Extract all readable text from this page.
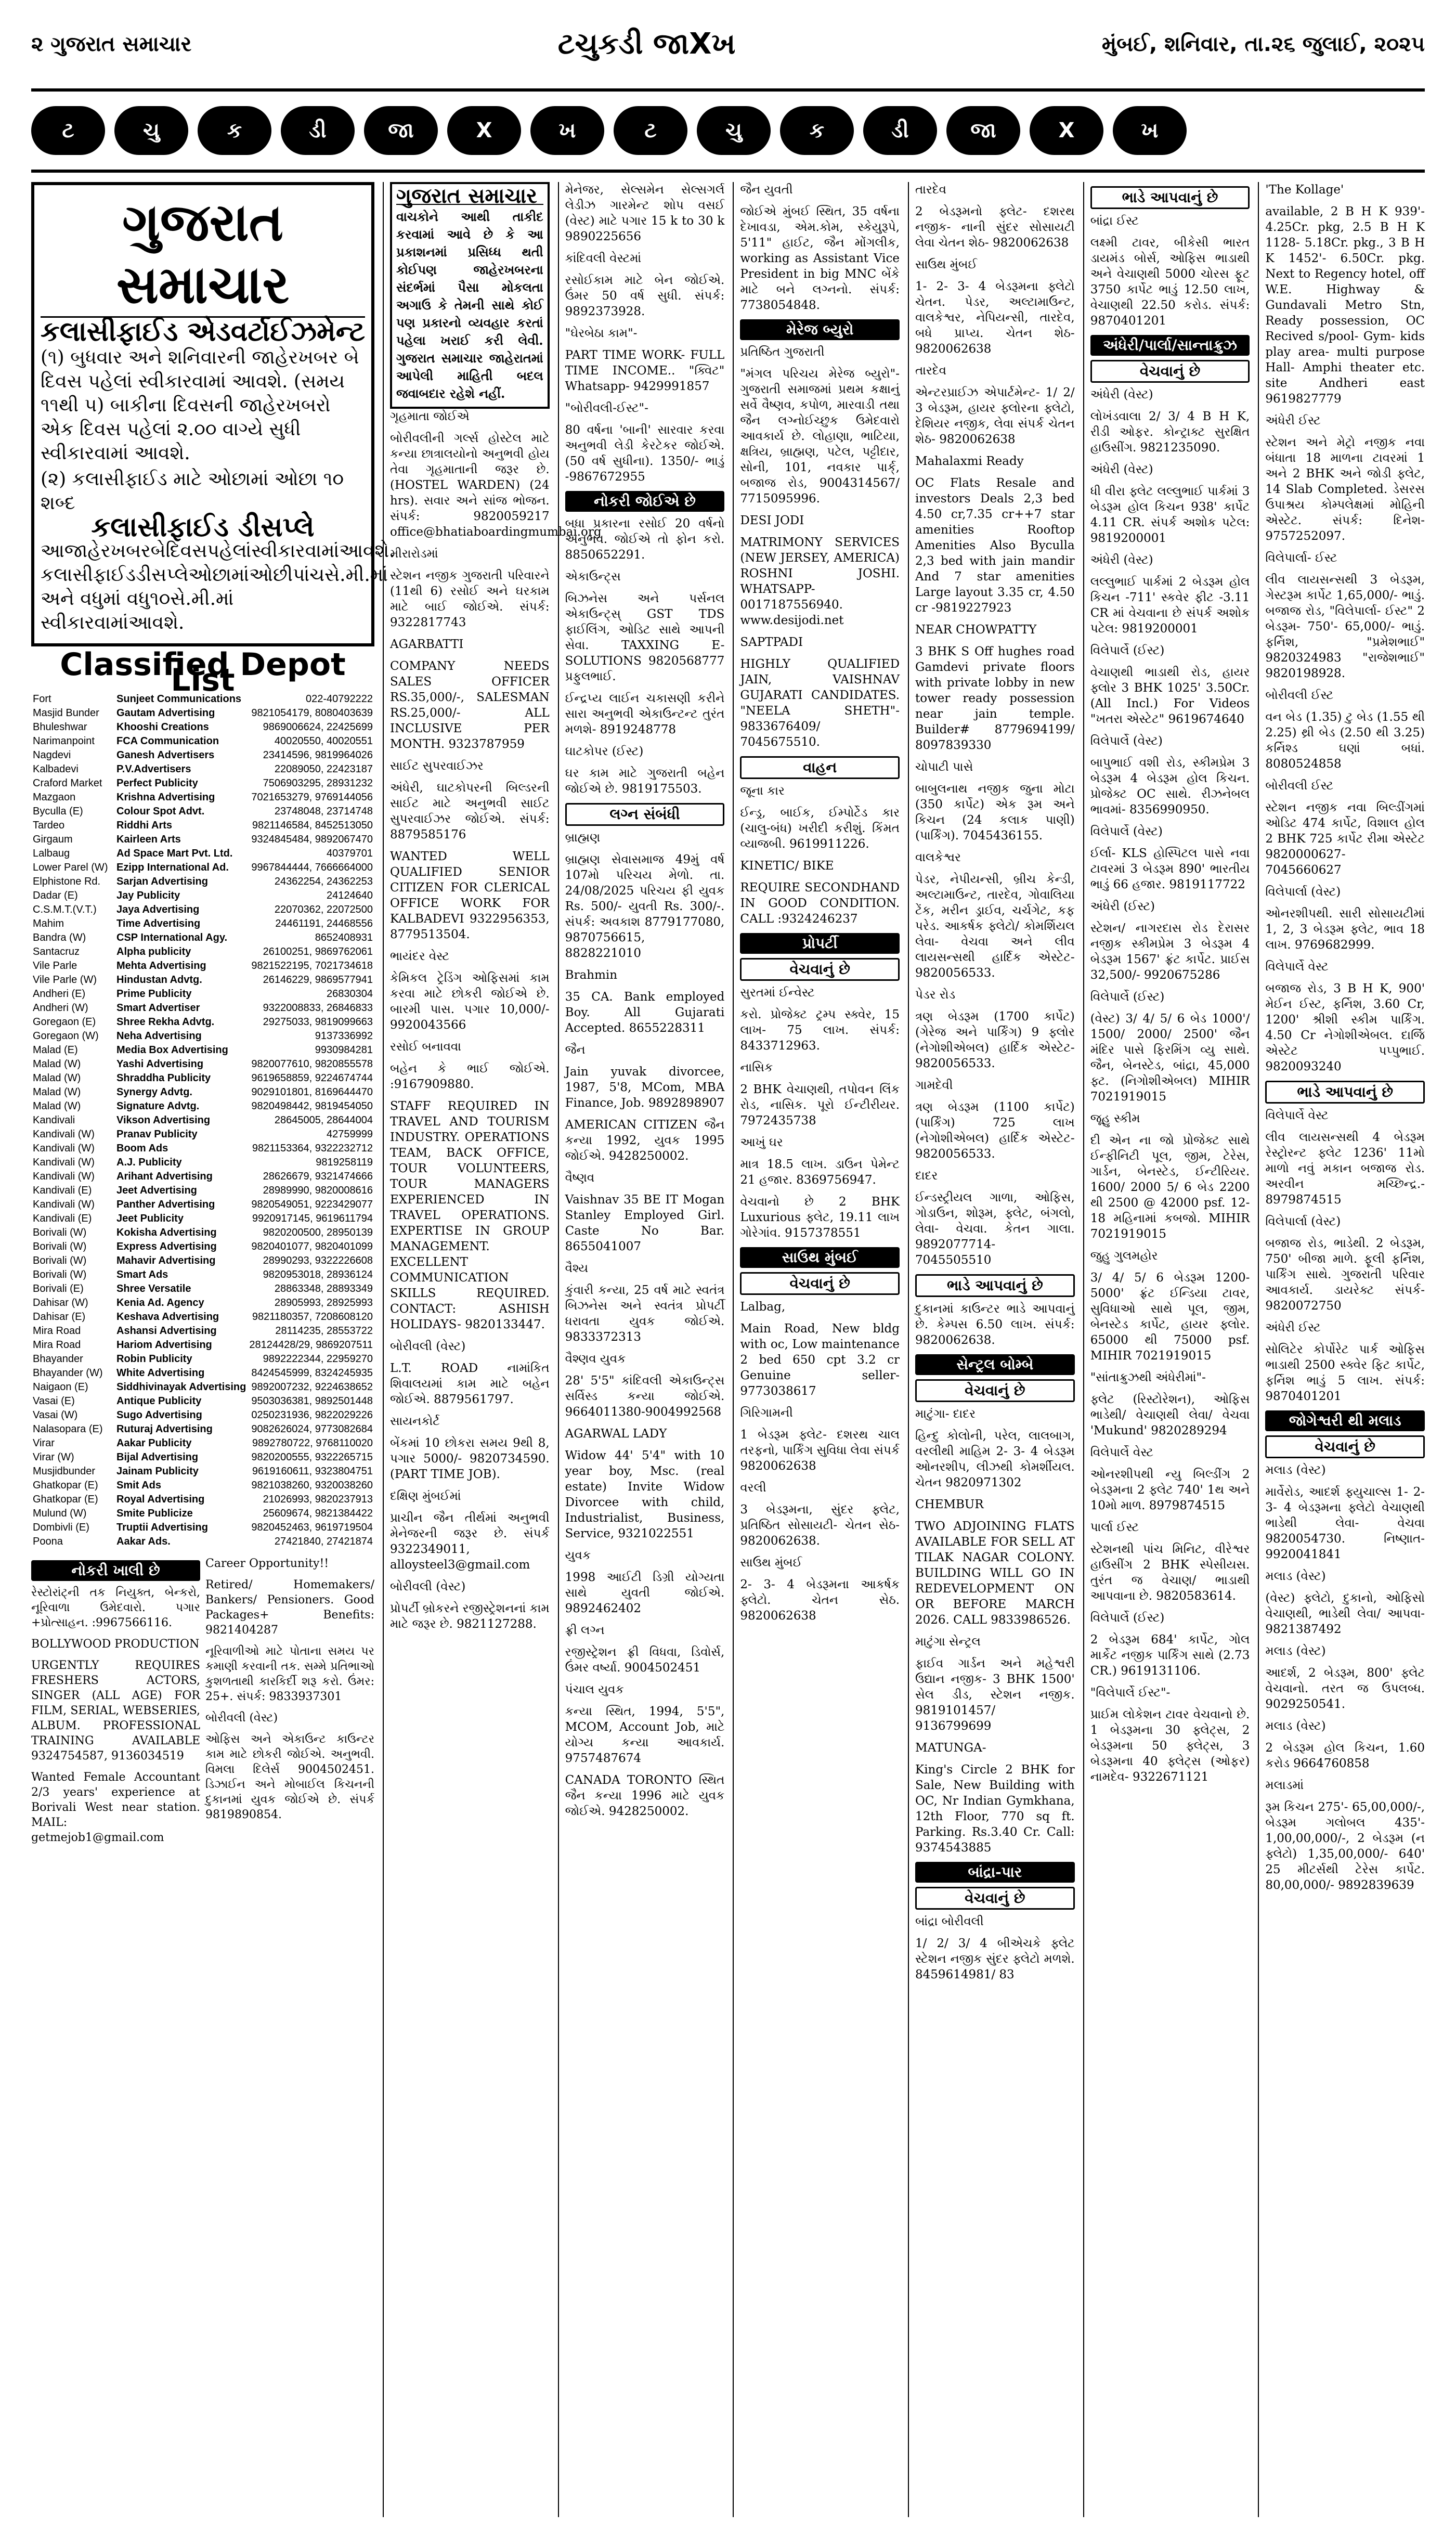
૨ ગુજરાત સમાચાર	ટચુકડી જાXખ	મુંબઈ, શનિવાર, તા.૨૬ જુલાઈ, ૨૦૨૫
ટ	ચુ	ક	ડી	જા	X	ખ	ટ	ચુ	ક	ડી	જા	X	ખ
ગુજરાત સમાચાર
કલાસીફાઈડ એડવર્ટાઈઝમેન્ટ

(૧) બુધવાર અને શનિવારની જાહેરખબર બે દિવસ પહેલાં સ્વીકારવામાં આવશે. (સમય ૧૧થી ૫) બાકીના દિવસની જાહેરખબરો એક દિવસ પહેલાં ૨.૦૦ વાગ્યે સુધી સ્વીકારવામાં આવશે.

(૨) કલાસીફાઈડ માટે ઓછામાં ઓછા ૧૦ શબ્દ

કલાસીફાઈડ ડીસપ્લે

આજાહેરખબરબેદિવસપહેલાંસ્વીકારવામાંઆવશે. કલાસીફાઈડડીસપ્લેઓછામાંઓછીપાંચસે.મી.માં અને વધુમાં વધુ૧૦સે.મી.માં સ્વીકારવામાંઆવશે.

Classified Depot List
Fort	Sunjeet Communications	022-40792222
Masjid Bunder	Gautam Advertising	9821054179, 8080403639
Bhuleshwar	Khooshi Creations	9869006624, 22425699
Narimanpoint	FCA Communication	40020550, 40020551
Nagdevi	Ganesh Advertisers	23414596, 9819964026
Kalbadevi	P.V.Advertisers	22089050, 22423187
Craford Market	Perfect Publicity	7506903295, 28931232
Mazgaon	Krishna Advertising	7021653279, 9769144056
Byculla (E)	Colour Spot Advt.	23748048, 23714748
Tardeo	Riddhi Arts	9821146584, 8452513050
Girgaum	Kairleen Arts	9324845484, 9892067470
Lalbaug	Ad Space Mart Pvt. Ltd.	40379701
Lower Parel (W)	Ezipp International Ad.	9967844444, 7666664000
Elphistone Rd.	Sarjan Advertising	24362254, 24362253
Dadar (E)	Jay Publicity	24124640
C.S.M.T.(V.T.)	Jaya Advertising	22070362, 22072500
Mahim	Time Advertising	24461191, 24468556
Bandra (W)	CSP International Agy.	8652408931
Santacruz	Alpha publicity	26100251, 9869762061
Vile Parle	Mehta Advertising	9821522195, 7021734618
Vile Parle (W)	Hindustan Advtg.	26146229, 9869577941
Andheri (E)	Prime Publicity	26830304
Andheri (W)	Smart Advertiser	9322008833, 26846833
Goregaon (E)	Shree Rekha Advtg.	29275033, 9819099663
Goregaon (W)	Neha Advertising	9137336992
Malad (E)	Media Box Advertising	9930984281
Malad (W)	Yashi Advertising	9820077610, 9820855578
Malad (W)	Shraddha Publicity	9619658859, 9224674744
Malad (W)	Synergy Advtg.	9029101801, 8169644470
Malad (W)	Signature Advtg.	9820498442, 9819454050
Kandivali	Vikson Advertising	28645005, 28644004
Kandivali (W)	Pranav Publicity	42759999
Kandivali (W)	Boom Ads	9821153364, 9322232712
Kandivali (W)	A.J. Publicity	9819258119
Kandivali (W)	Arihant Advertising	28626679, 9321474666
Kandivali (E)	Jeet Advertising	28989990, 9820008616
Kandivali (W)	Panther Advertising	9820549051, 9223429077
Kandivali (E)	Jeet Publicity	9920917145, 9619611794
Borivali (W)	Kokisha Advertising	9820200500, 28950139
Borivali (W)	Express Advertising	9820401077, 9820401099
Borivali (W)	Mahavir Advertising	28990293, 9322226608
Borivali (W)	Smart Ads	9820953018, 28936124
Borivali (E)	Shree Versatile	28863348, 28893349
Dahisar (W)	Kenia Ad. Agency	28905993, 28925993
Dahisar (E)	Keshava Advertising	9821180357, 7208608120
Mira Road	Ashansi Advertising	28114235, 28553722
Mira Road	Hariom Advertising	28124428/29, 9869207511
Bhayander	Robin Publicity	9892222344, 22959270
Bhayander (W)	White Advertising	8424545999, 8324245935
Naigaon (E)	Siddhivinayak Advertising	9892007232, 9224638652
Vasai (E)	Antique Publicity	9503036381, 9892501448
Vasai (W)	Sugo Advertising	0250231936, 9822029226
Nalasopara (E)	Ruturaj Advertising	9082626024, 9773082684
Virar	Aakar Publicity	9892780722, 9768110020
Virar (W)	Bijal Advertising	9820200555, 9322265715
Musjidbunder	Jainam Publicity	9619160611, 9323804751
Ghatkopar (E)	Smit Ads	9821038260, 9320038260
Ghatkopar (E)	Royal Advertising	21026993, 9820237913
Mulund (W)	Smite Publicize	25609674, 9821384422
Dombivli (E)	Truptii Advertising	9820452463, 9619719504
Poona	Aakar Ads.	27421840, 27421874
નોકરી ખાલી છે

રેસ્ટોરાંટ્ની તક નિયુક્ત, બેન્કરો, નૂરિવાળા ઉમેદવારો. પગાર +પ્રોત્સાહન. :9967566116.

BOLLYWOOD PRODUCTION

URGENTLY REQUIRES FRESHERS ACTORS, SINGER (ALL AGE) FOR FILM, SERIAL, WEBSERIES, ALBUM. PROFESSIONAL TRAINING AVAILABLE 9324754587, 9136034519

Wanted Female Accountant 2/3 years' experience at Borivali West near station. MAIL: getmejob1@gmail.com

Career Opportunity!!

Retired/ Homemakers/ Bankers/ Pensioners. Good Packages+ Benefits: 9821404287

નૂરિવાળીઓ માટે પોતાના સમય પર કમાણી કરવાની તક. સમ્મે પ્રતિભાઓ કુશળતાથી કારકિર્દી શરૂ કરો. ઉંમર: 25+. સંપર્ક: 9833937301

બોરીવલી (વેસ્ટ)

ઓફિસ અને એકાઉન્ટ કાઉન્ટર કામ માટે છોકરી જોઈએ. અનુભવી. વિમલા દિલેર્સ 9004502451. ડિઝાઈન અને મોબાઈલ કિચનની દુકાનમાં યુવક જોઈએ છે. સંપર્ક 9819890854.

ગુજરાત સમાચાર
વાચકોને આથી તાકીદ કરવામાં આવે છે કે આ પ્રકાશનમાં પ્રસિધ્ધ થતી કોઈપણ જાહેરખબરના સંદર્ભમાં પૈસા મોકલતા અગાઉ કે તેમની સાથે કોઈ પણ પ્રકારનો વ્યવહાર કરતાં પહેલા ખરાઈ કરી લેવી. ગુજરાત સમાચાર જાહેરાતમાં આપેલી માહિતી બદલ જવાબદાર રહેશે નહીં.
ગૃહમાતા જોઈએ

બોરીવલીની ગર્લ્સ હોસ્ટેલ માટે કન્યા છાત્રાલયોનો અનુભવી હોય તેવા ગૃહમાતાની જરૂર છે. (HOSTEL WARDEN) (24 hrs). સવાર અને સાંજ ભોજન. સંપર્ક: 9820059217 office@bhatiaboardingmumbai.org

મીરારોડમાં

સ્ટેશન નજીક ગુજરાતી પરિવારને (11થી 6) રસોઈ અને ઘરકામ માટે બાઈ જોઈએ. સંપર્ક: 9322817743

AGARBATTI

COMPANY NEEDS SALES OFFICER RS.35,000/-, SALESMAN RS.25,000/- ALL INCLUSIVE PER MONTH. 9323787959

સાઈટ સુપરવાઈઝર

અંધેરી, ઘાટકોપરની બિલ્ડરની સાઈટ માટે અનુભવી સાઈટ સુપરવાઈઝર જોઈએ. સંપર્ક: 8879585176

WANTED WELL QUALIFIED SENIOR CITIZEN FOR CLERICAL OFFICE WORK FOR KALBADEVI 9322956353, 8779513504.

ભાયંદર વેસ્ટ

કેમિકલ ટ્રેડિંગ ઓફિસમાં કામ કરવા માટે છોકરી જોઈએ છે. બારમી પાસ. પગાર 10,000/- 9920043566

રસોઈ બનાવવા

બહેન કે ભાઈ જોઈએ. :9167909880.

STAFF REQUIRED IN TRAVEL AND TOURISM INDUSTRY. OPERATIONS TEAM, BACK OFFICE, TOUR VOLUNTEERS, TOUR MANAGERS EXPERIENCED IN TRAVEL OPERATIONS. EXPERTISE IN GROUP MANAGEMENT. EXCELLENT COMMUNICATION SKILLS REQUIRED. CONTACT: ASHISH HOLIDAYS- 9820133447.

બોરીવલી (વેસ્ટ)

L.T. ROAD નામાંકિત શિવાલયમાં કામ માટે બહેન જોઈએ. 8879561797.

સાયનકોર્ટ

બેંકમાં 10 છોકરા સમય 9થી 8, પગાર 5000/- 9820734590. (PART TIME JOB).

દક્ષિણ મુંબઈમાં

પ્રાચીન જૈન તીર્થમાં અનુભવી મેનેજરની જરૂર છે. સંપર્ક 9322349011, alloysteel3@gmail.com

બોરીવલી (વેસ્ટ)

પ્રોપર્ટી બ્રોકરને રજીસ્ટ્રેશનનાં કામ માટે જરૂર છે. 9821127288.

મેનેજર, સેલ્સમેન સેલ્સગર્લ લેડીઝ ગારમેન્ટ શોપ વસઈ (વેસ્ટ) માટે પગાર 15 k to 30 k 9890225656

કાંદિવલી વેસ્ટમાં

રસોઈકામ માટે બેન જોઈએ. ઉંમર 50 વર્ષ સુધી. સંપર્ક: 9892373928.

"ઘેરબેઠા કામ"-

PART TIME WORK- FULL TIME INCOME.. "ક્વિટ" Whatsapp- 9429991857

"બોરીવલી-ઈસ્ટ"-

80 વર્ષના 'બાની' સારવાર કરવા અનુભવી લેડી કેરટેકર જોઈએ. (50 વર્ષ સુધીના). 1350/- ભાડું -9867672955

નોકરી જોઈએ છે

બધા પ્રકારના રસોઈ 20 વર્ષનો અનુભવ. જોઈએ તો ફોન કરો. 8850652291.

એકાઉન્ટ્સ

બિઝનેસ અને પર્સનલ એકાઉન્ટ્સ્ GST TDS ફાઈલિંગ, ઓડિટ સાથે આપની સેવા. TAXXING E-SOLUTIONS 9820568777 પ્રફુલભાઈ.

ઈન્દ્રપ્ય લાઈન ચકાસણી કરીને સારા અનુભવી એકાઉન્ટન્ટ તુરંત મળશે- 8919248778

ઘાટકોપર (ઈસ્ટ)

ઘર કામ માટે ગુજરાતી બહેન જોઈએ છે. 9819175503.

લગ્ન સંબંધી
બ્રાહ્મણ

બ્રાહ્મણ સેવાસમાજ 49મું વર્ષ 107મો પરિચય મેળો. તા. 24/08/2025 પરિચય ફી યુવક Rs. 500/- યુવતી Rs. 300/-. સંપર્ક: અવકાશ 8779177080, 9870756615, 8828221010

Brahmin

35 CA. Bank employed Boy. All Gujarati Accepted. 8655228311

જૈન

Jain yuvak divorcee, 1987, 5'8, MCom, MBA Finance, Job. 9892898907

AMERICAN CITIZEN જૈન કન્યા 1992, યુવક 1995 જોઈએ. 9428250002.

વૈષ્ણવ

Vaishnav 35 BE IT Mogan Stanley Employed Girl. Caste No Bar. 8655041007

વૈશ્ય

કુંવારી કન્યા, 25 વર્ષ માટે સ્વતંત્ર બિઝનેસ અને સ્વતંત્ર પ્રોપર્ટી ધરાવતા યુવક જોઈએ. 9833372313

વૈશ્ણવ યુવક

28' 5'5" કાંદિવલી એકાઉન્ટ્સ સર્વિસ્ડ કન્યા જોઈએ. 9664011380-9004992568

AGARWAL LADY

Widow 44' 5'4" with 10 year boy, Msc. (real estate) Invite Widow Divorcee with child, Industrialist, Business, Service, 9321022551

યુવક

1998 આઈટી ડિગ્રી યોગ્યતા સાથે યુવતી જોઈએ. 9892462402

ફ્રી લગ્ન

રજીસ્ટ્રેશન ફ્રી વિધવા, ડિવોર્સ, ઉંમર વર્ષ્યા. 9004502451

પંચાલ યુવક

કન્યા સ્થિત, 1994, 5'5", MCOM, Account Job, માટે યોગ્ય કન્યા આવકાર્ય. 9757487674

CANADA TORONTO સ્થિત જૈન કન્યા 1996 માટે યુવક જોઈએ. 9428250002.

જૈન યુવતી

જોઈએ મુંબઈ સ્થિત, 35 વર્ષના દેખાવડા, એમ.કોમ, સ્કેયુરૂપે, 5'11" હાઈટ, જૈન મોંગલીક, working as Assistant Vice President in big MNC બેંકે માટે બને લગ્નનો. સંપર્ક: 7738054848.

મેરેજ બ્યુરો
પ્રતિષ્ઠિત ગુજરાતી

"મંગલ પરિચય મેરેજ બ્યુરો"- ગુજરાતી સમાજમાં પ્રથમ કક્ષાનું સર્વે વૈષ્ણવ, કપોળ, મારવાડી તથા જૈન લગ્નોઈચ્છુક ઉમેદવારો આવકાર્ય છે. લોહાણા, ભાટિયા, ક્ષત્રિય, બ્રાહ્મણ, પટેલ, પટ્ટીદાર, સોની, 101, નવકાર પાર્ક્, બજાજ રોડ, 9004314567/ 7715095996.

DESI JODI

MATRIMONY SERVICES (NEW JERSEY, AMERICA) ROSHNI JOSHI. WHATSAPP- 0017187556940. www.desijodi.net

SAPTPADI

HIGHLY QUALIFIED JAIN, VAISHNAV GUJARATI CANDIDATES. "NEELA SHETH"- 9833676409/ 7045675510.

વાહન
જૂના કાર

ઈન્ડ્ર, બાઈક, ઈમ્પોર્ટેડ કાર (ચાલુ-બંધ) ખરીદી કરીશું. કિંમત વ્યાજબી. 9619911226.

KINETIC/ BIKE

REQUIRE SECONDHAND IN GOOD CONDITION. CALL :9324246237

પ્રોપર્ટી
વેચવાનું છે
સુરતમાં ઈન્વેસ્ટ

કરો. પ્રોજેક્ટ ટ્રમ્પ સ્ક્વેર, 15 લાખ- 75 લાખ. સંપર્ક: 8433712963.

નાસિક

2 BHK વેચાણથી, તપોવન લિંક રોડ, નાસિક. પૂરો ઈન્ટીરીયર. 7972435738

આખું ઘર

માત્ર 18.5 લાખ. ડાઉન પેમેન્ટ 21 હજાર. 8369756947.

વેચવાનો છે 2 BHK Luxurious ફ્લેટ, 19.11 લાખ ગોરેગાંવ. 9157378551

સાઉથ મુંબઈ
વેચવાનું છે
Lalbag,

Main Road, New bldg with oc, Low maintenance 2 bed 650 cpt 3.2 cr Genuine seller- 9773038617

ગિરિગામની

1 બેડરૂમ ફ્લેટ- દશરથ ચાલ તરફનો, પાર્કિંગ સુવિધા લેવા સંપર્ક 9820062638

વરલી

3 બેડરૂમના, સુંદર ફ્લેટ, પ્રતિષ્ઠિત સોસાયટી- ચેતન સેઠ- 9820062638.

સાઉથ મુંબઈ

2- 3- 4 બેડરૂમના આકર્ષક ફ્લેટો. ચેતન સેઠ. 9820062638

તારદેવ

2 બેડરૂમનો ફ્લેટ- દશરથ નજીક- નાની સુંદર સોસાયટી લેવા ચેતન શેઠ- 9820062638

સાઉથ મુંબઈ

1- 2- 3- 4 બેડરૂમના ફ્લેટો ચેતન. પેડર, અલ્ટામાઉન્ટ, વાલકેશ્વર, નેપિયન્સી, તારદેવ, બધે પ્રાપ્ય. ચેતન શેઠ- 9820062638

તારદેવ

એન્ટરપ્રાઈઝ એપાર્ટમેન્ટ- 1/ 2/ 3 બેડરૂમ, હાયર ફ્લોરના ફ્લેટો, દેશિયર નજીક, લેવા સંપર્ક ચેતન શેઠ- 9820062638

Mahalaxmi Ready

OC Flats Resale and investors Deals 2,3 bed 4.50 cr,7.35 cr++7 star amenities Rooftop Amenities Also Byculla 2,3 bed with jain mandir And 7 star amenities Large layout 3.35 cr, 4.50 cr -9819227923

NEAR CHOWPATTY

3 BHK S Off hughes road Gamdevi private floors with private lobby in new tower ready possession near jain temple. Builder# 8779694199/ 8097839330

ચોપાટી પાસે

બાબુલનાથ નજીક જુના મોટા (350 કાર્પેટ) એક રૂમ અને કિચન (24 કલાક પાણી) (પાર્કિંગ). 7045436155.

વાલકેશ્વર

પેડર, નેપીયન્સી, બ્રીચ કેન્ડી, અલ્ટામાઉન્ટ, તારદેવ, ગોવાલિયા ટેંક, મરીન ડ્રાઈવ, ચર્ચગેટ, કફ પરેડ. આકર્ષક ફ્લેટો/ કોમર્શિયલ લેવા- વેચવા અને લીવ લાયસન્સથી હાર્દિક એસ્ટેટ- 9820056533.

પેડર રોડ

ત્રણ બેડરૂમ (1700 કાર્પેટ) (ગેરેજ અને પાર્કિંગ) 9 ફ્લોર (નેગોશીએબલ) હાર્દિક એસ્ટેટ- 9820056533.

ગામદેવી

ત્રણ બેડરૂમ (1100 કાર્પેટ) (પાર્કિંગ) 725 લાખ (નેગોશીએબલ) હાર્દિક એસ્ટેટ- 9820056533.

દાદર

ઈન્ડસ્ટ્રીયલ ગાળા, ઓફિસ, ગોડાઉન, શોરૂમ, ફ્લેટ, બંગલો, લેવા- વેચવા. કેતન ગાલા. 9892077714- 7045505510

ભાડે આપવાનું છે

દુકાનમાં કાઉન્ટર ભાડે આપવાનું છે. કેમ્પસ 6.50 લાખ. સંપર્ક: 9820062638.

સેન્ટ્રલ બોમ્બે
વેચવાનું છે
માટુંગા- દાદર

હિન્દુ કોલોની, પરેલ, લાલબાગ, વરલીથી માહિમ 2- 3- 4 બેડરૂમ ઓનરશીપ, લીઝથી કોમર્શીયલ. ચેતન 9820971302

CHEMBUR

TWO ADJOINING FLATS AVAILABLE FOR SELL AT TILAK NAGAR COLONY. BUILDING WILL GO IN REDEVELOPMENT ON OR BEFORE MARCH 2026. CALL 9833986526.

માટુંગા સેન્ટ્રલ

ફાઈવ ગાર્ડન અને મહેશ્વરી ઉદ્યાન નજીક- 3 BHK 1500' સેલ ડીડ, સ્ટેશન નજીક. 9819101457/ 9136799699

MATUNGA-

King's Circle 2 BHK for Sale, New Building with OC, Nr Indian Gymkhana, 12th Floor, 770 sq ft. Parking. Rs.3.40 Cr. Call: 9374543885

બાંદ્રા-પાર
વેચવાનું છે
બાંદ્રા બોરીવલી

1/ 2/ 3/ 4 બીએચકે ફ્લેટ સ્ટેશન નજીક સુંદર ફ્લેટો મળશે. 8459614981/ 83

ભાડે આપવાનું છે
બાંદ્રા ઈસ્ટ

લક્ષ્મી ટાવર, બીકેસી ભારત ડાયમંડ બોર્સ, ઓફિસ ભાડાથી અને વેચાણથી 5000 ચોરસ ફૂટ 3750 કાર્પેટ ભાડું 12.50 લાખ, વેચાણથી 22.50 કરોડ. સંપર્ક: 9870401201

અંધેરી/પાર્લા/સાન્તાક્રુઝ
વેચવાનું છે
અંધેરી (વેસ્ટ)

લોખંડવાલા 2/ 3/ 4 B H K, રીડી ઓફર. કોન્ટ્રાક્ટ સુરક્ષિત હાઉસીંગ. 9821235090.

અંધેરી (વેસ્ટ)

ધી વીરા ફ્લેટ લલ્લુભાઈ પાર્કમાં 3 બેડરૂમ હોલ કિચન 938' કાર્પેટ 4.11 CR. સંપર્ક અશોક પટેલ: 9819200001

અંધેરી (વેસ્ટ)

લલ્લુભાઈ પાર્કમાં 2 બેડરૂમ હોલ કિચન -711' સ્કવેર ફીટ -3.11 CR માં વેચવાના છે સંપર્ક અશોક પટેલ: 9819200001

વિલેપાર્લે (ઈસ્ટ)

વેચાણથી ભાડાથી રોડ, હાયર ફ્લોર 3 BHK 1025' 3.50Cr. (All Incl.) For Videos "ખતરા એસ્ટેટ" 9619674640

વિલેપાર્લે (વેસ્ટ)

બાપુભાઈ વશી રોડ, સ્કીમપ્રેમ 3 બેડરૂમ 4 બેડરૂમ હોલ કિચન. પ્રોજેક્ટ OC સાથે. રીઝનેબલ ભાવમાં- 8356990950.

વિલેપાર્લે (વેસ્ટ)

ઈર્લા- KLS હોસ્પિટલ પાસે નવા ટાવરમાં 3 બેડરૂમ 890' ભારતીય ભાડું 66 હજાર. 9819117722

અંધેરી (ઈસ્ટ)

સ્ટેશન/ નાગરદાસ રોડ દેરાસર નજીક સ્કીમપ્રેમ 3 બેડરૂમ 4 બેડરૂમ 1567' ફ્રંટ કાર્પેટ. પ્રાઈસ 32,500/- 9920675286

વિલેપાર્લે (ઈસ્ટ)

(વેસ્ટ) 3/ 4/ 5/ 6 બેડ 1000'/ 1500/ 2000/ 2500' જૈન મંદિર પાસે ફિરમિંગ વ્યુ સાથે. જૈન, બેનસ્ટેડ, બાંદ્રા, 45,000 ફ્ટ. (નિગોશીએબલ) MIHIR 7021919015

જૂહુ સ્કીમ

દી એન ના જો પ્રોજેક્ટ સાથે ઈન્ફીનિટી પૂલ, જીમ, ટેરેસ, ગાર્ડન, બેનસ્ટેડ, ઈન્ટીરિયર. 1600/ 2000 5/ 6 બેડ 2200 થી 2500 @ 42000 psf. 12-18 મહિનામાં કબજો. MIHIR 7021919015

જુહુ ગુલમહોર

3/ 4/ 5/ 6 બેડરૂમ 1200- 5000' ફ્રંટ ઈન્ડિયા ટાવર, સુવિધાઓ સાથે પૂલ, જીમ, બેનસ્ટેડ કાર્પેટ, હાયર ફ્લોર. 65000 થી 75000 psf. MIHIR 7021919015

"સાંતાક્રુઝથી અંધેરીમાં"-

ફ્લેટ (રિસ્ટોરેશન), ઓફિસ ભાડેથી/ વેચાણથી લેવા/ વેચવા 'Mukund' 9820289294

વિલેપાર્લે વેસ્ટ

ઓનરશીપથી ન્યુ બિલ્ડીંગ 2 બેડરૂમના 2 ફ્લેટ 740' 1થ અને 10મો માળ. 8979874515

પાર્લા ઈસ્ટ

સ્ટેશનથી પાંચ મિનિટ, વીરેશ્વર હાઉસીંગ 2 BHK સ્પેસીયસ. તુરંત જ વેચાણ/ ભાડાથી આપવાના છે. 9820583614.

વિલેપાર્લે (ઈસ્ટ)

2 બેડરૂમ 684' કાર્પેટ, ગોલ માર્કેટ નજીક પાર્કિંગ સાથે (2.73 CR.) 9619131106.

"વિલેપાર્લે ઈસ્ટ"-

પ્રાઈમ લોકેશન ટાવર વેચવાનો છે. 1 બેડરૂમના 30 ફ્લેટ્સ, 2 બેડરૂમના 50 ફ્લેટ્સ, 3 બેડરૂમના 40 ફ્લેટ્સ (ઓફર) નામદેવ- 9322671121

'The Kollage'

available, 2 B H K 939'- 4.25Cr. pkg, 2.5 B H K 1128- 5.18Cr. pkg., 3 B H K 1452'- 6.50Cr. pkg. Next to Regency hotel, off W.E. Highway & Gundavali Metro Stn, Ready possession, OC Recived s/pool- Gym- kids play area- multi purpose Hall- Amphi theater etc. site Andheri east 9619827779

અંધેરી ઈસ્ટ

સ્ટેશન અને મેટ્રો નજીક નવા બંધાતા 18 માળના ટાવરમાં 1 અને 2 BHK અને જોડી ફ્લેટ, 14 Slab Completed. ડેસરસ ઉપાશ્રય કોમ્પલેક્ષમાં મોહિની એસ્ટેટ. સંપર્ક: દિનેશ- 9757252097.

વિલેપાર્લા- ઈસ્ટ

લીવ લાયસન્સથી 3 બેડરૂમ, ગેસ્ટરૂમ કાર્પેટ 1,65,000/- ભાડું. બજાજ રોડ, "વિલેપાર્લા- ઈસ્ટ" 2 બેડરૂમ- 750'- 65,000/- ભાડું. ફર્નિશ, "પ્રમેશભાઈ" 9820324983 "રાજેશભાઈ" 9820198928.

બોરીવલી ઈસ્ટ

વન બેડ (1.35) ટુ બેડ (1.55 થી 2.25) થ્રી બેડ (2.50 થી 3.25) કર્નિશ્ડ ઘણાં બધાં. 8080524858

બોરીવલી ઈસ્ટ

સ્ટેશન નજીક નવા બિલ્ડીંગમાં ઓડિટ 474 કાર્પેટ, વિશાલ હોલ 2 BHK 725 કાર્પેટ રીમા એસ્ટેટ 9820000627- 7045660627

વિલેપાર્લા (વેસ્ટ)

ઓનરશીપથી. સારી સોસાયટીમાં 1, 2, 3 બેડરૂમ ફ્લેટ, ભાવ 18 લાખ. 9769682999.

વિલેપાર્લે વેસ્ટ

બજાજ રોડ, 3 B H K, 900' મેઈન ઈસ્ટ, ફર્નિશ, 3.60 Cr, 1200' શ્રીશી સ્કીમ પાર્કિંગ. 4.50 Cr નેગોશીએબલ. દાર્જિ એસ્ટેટ પપ્પુભાઈ. 9820093240

ભાડે આપવાનું છે
વિલેપાર્લે વેસ્ટ

લીવ લાયસન્સથી 4 બેડરૂમ રેસ્ટ્રોરન્ટ ફ્લેટ 1236' 11મો માળો નવું મકાન બજાજ રોડ. અરવીન મચ્છિન્દ્ર.- 8979874515

વિલેપાર્લા (વેસ્ટ)

બજાજ રોડ, ભાડેથી. 2 બેડરૂમ, 750' બીજા માળે. ફૂલી ફર્નિશ, પાર્કિંગ સાથે. ગુજરાતી પરિવાર આવકાર્ય. ડાયરેક્ટ સંપર્ક- 9820072750

અંધેરી ઈસ્ટ

સોલિટેર કોર્પોરેટ પાર્ક ઓફિસ ભાડાથી 2500 સ્ક્વેર ફિટ કાર્પેટ, ફર્નિશ ભાડું 5 લાખ. સંપર્ક: 9870401201

જોગેશ્વરી થી મલાડ
વેચવાનું છે
મલાડ (વેસ્ટ)

માર્વેરોડ, આદર્શ ફ્યુચાલ્સ 1- 2- 3- 4 બેડરૂમના ફ્લેટો વેચાણથી ભાડેથી લેવા- વેચવા 9820054730. નિષ્ણાત- 9920041841

મલાડ (વેસ્ટ)

(વેસ્ટ) ફ્લેટો, દુકાનો, ઓફિસો વેચાણથી, ભાડેથી લેવા/ આપવા- 9821387492

મલાડ (વેસ્ટ)

આદર્શ, 2 બેડરૂમ, 800' ફ્લેટ વેચવાનો. તરત જ ઉપલબ્ધ. 9029250541.

મલાડ (વેસ્ટ)

2 બેડરૂમ હોલ કિચન, 1.60 કરોડ 9664760858

મલાડમાં

રૂમ કિચન 275'- 65,00,000/-, બેડરૂમ ગલોબલ 435'- 1,00,00,000/-, 2 બેડરૂમ (ન ફ્લેટો) 1,35,00,000/- 640' 25 મીટર્સથી ટેરેસ કાર્પેટ. 80,00,000/- 9892839639
